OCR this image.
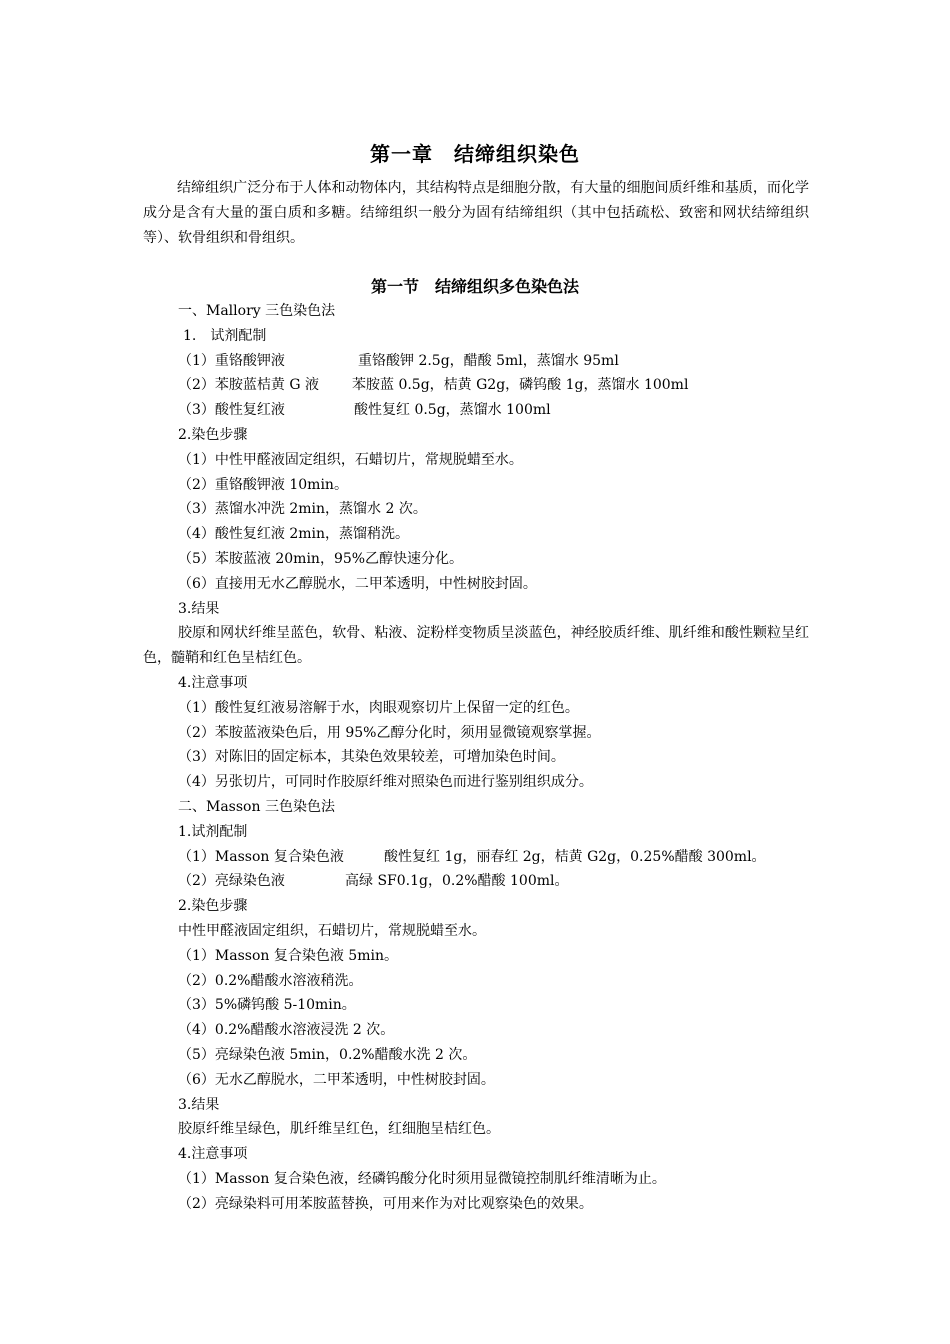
第一章　结缔组织染色

结缔组织广泛分布于人体和动物体内，其结构特点是细胞分散，有大量的细胞间质纤维和基质，而化学成分是含有大量的蛋白质和多糖。结缔组织一般分为固有结缔组织（其中包括疏松、致密和网状结缔组织等）、软骨组织和骨组织。

第一节　结缔组织多色染色法
一、Mallory 三色染色法
1.　试剂配制
（1）重铬酸钾液	重铬酸钾 2.5g，醋酸 5ml，蒸馏水 95ml
（2）苯胺蓝桔黄 G 液 苯胺蓝 0.5g，桔黄 G2g，磷钨酸 1g，蒸馏水 100ml
（3）酸性复红液	酸性复红 0.5g，蒸馏水 100ml
2.染色步骤
（1）中性甲醛液固定组织，石蜡切片，常规脱蜡至水。
（2）重铬酸钾液 10min。
（3）蒸馏水冲洗 2min，蒸馏水 2 次。
（4）酸性复红液 2min，蒸馏稍洗。
（5）苯胺蓝液 20min，95%乙醇快速分化。
（6）直接用无水乙醇脱水，二甲苯透明，中性树胶封固。
3.结果
胶原和网状纤维呈蓝色，软骨、粘液、淀粉样变物质呈淡蓝色，神经胶质纤维、肌纤维和酸性颗粒呈红色，髓鞘和红色呈桔红色。
4.注意事项
（1）酸性复红液易溶解于水，肉眼观察切片上保留一定的红色。
（2）苯胺蓝液染色后，用 95%乙醇分化时，须用显微镜观察掌握。
（3）对陈旧的固定标本，其染色效果较差，可增加染色时间。
（4）另张切片，可同时作胶原纤维对照染色而进行鉴别组织成分。
二、Masson 三色染色法
1.试剂配制
（1）Masson 复合染色液	酸性复红 1g，丽春红 2g，桔黄 G2g，0.25%醋酸 300ml。
（2）亮绿染色液	高绿 SF0.1g，0.2%醋酸 100ml。
2.染色步骤
中性甲醛液固定组织，石蜡切片，常规脱蜡至水。
（1）Masson 复合染色液 5min。
（2）0.2%醋酸水溶液稍洗。
（3）5%磷钨酸 5-10min。
（4）0.2%醋酸水溶液浸洗 2 次。
（5）亮绿染色液 5min，0.2%醋酸水洗 2 次。
（6）无水乙醇脱水，二甲苯透明，中性树胶封固。
3.结果
胶原纤维呈绿色，肌纤维呈红色，红细胞呈桔红色。
4.注意事项
（1）Masson 复合染色液，经磷钨酸分化时须用显微镜控制肌纤维清晰为止。
（2）亮绿染料可用苯胺蓝替换，可用来作为对比观察染色的效果。
